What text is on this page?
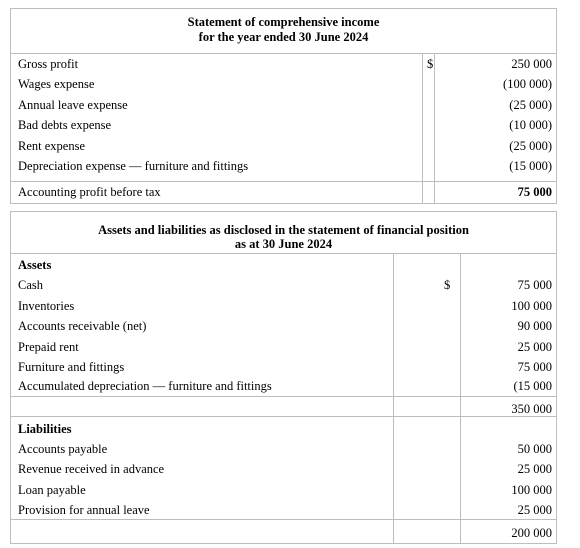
Statement of comprehensive income
for the year ended 30 June 2024
$
Gross profit	250 000
Wages expense	(100 000)
Annual leave expense	(25 000)
Bad debts expense	(10 000)
Rent expense	(25 000)
Depreciation expense — furniture and fittings	(15 000)
Accounting profit before tax	75 000
Assets and liabilities as disclosed in the statement of financial position
as at 30 June 2024
Assets
$
Cash	75 000
Inventories	100 000
Accounts receivable (net)	90 000
Prepaid rent	25 000
Furniture and fittings	75 000
Accumulated depreciation — furniture and fittings	(15 000
350 000
Liabilities
Accounts payable	50 000
Revenue received in advance	25 000
Loan payable	100 000
Provision for annual leave	25 000
200 000
